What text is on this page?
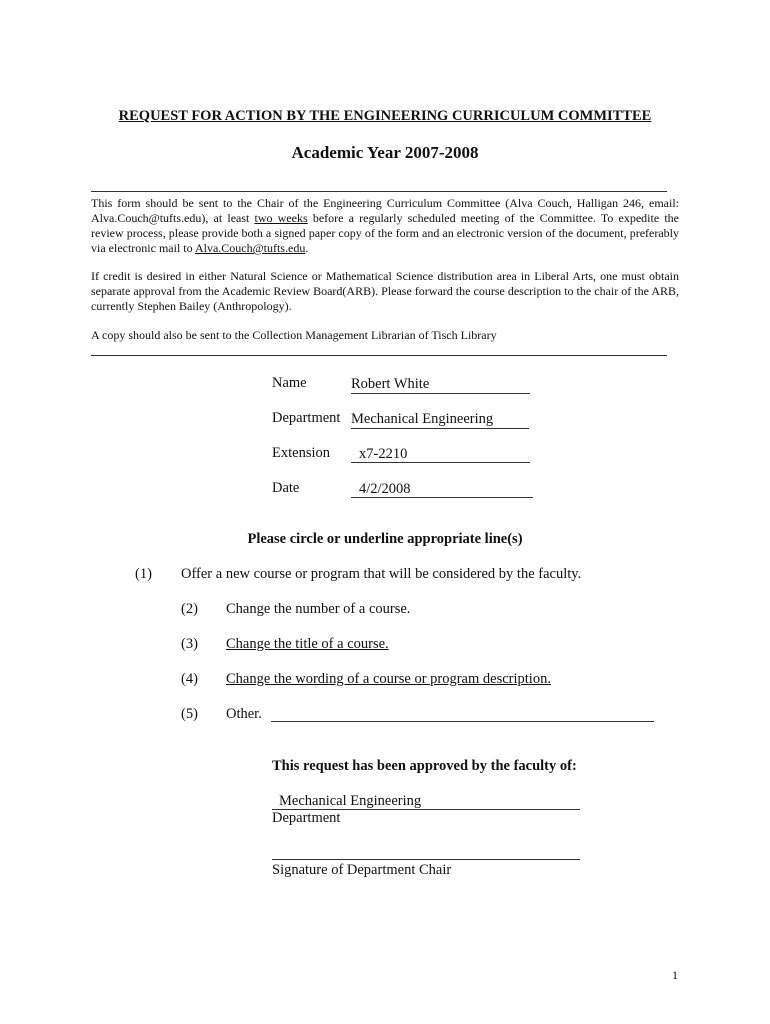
REQUEST FOR ACTION BY THE ENGINEERING CURRICULUM COMMITTEE
Academic Year 2007-2008
This form should be sent to the Chair of the Engineering Curriculum Committee (Alva Couch, Halligan 246, email: Alva.Couch@tufts.edu), at least two weeks before a regularly scheduled meeting of the Committee. To expedite the review process, please provide both a signed paper copy of the form and an electronic version of the document, preferably via electronic mail to Alva.Couch@tufts.edu.
If credit is desired in either Natural Science or Mathematical Science distribution area in Liberal Arts, one must obtain separate approval from the Academic Review Board(ARB). Please forward the course description to the chair of the ARB, currently Stephen Bailey (Anthropology).
A copy should also be sent to the Collection Management Librarian of Tisch Library
Name	Robert White
Department Mechanical Engineering
Extension	x7-2210
Date	4/2/2008
Please circle or underline appropriate line(s)
(1) Offer a new course or program that will be considered by the faculty.
(2) Change the number of a course.
(3) Change the title of a course.
(4) Change the wording of a course or program description.
(5) Other.
This request has been approved by the faculty of:
Mechanical Engineering
Department
Signature of Department Chair
1
